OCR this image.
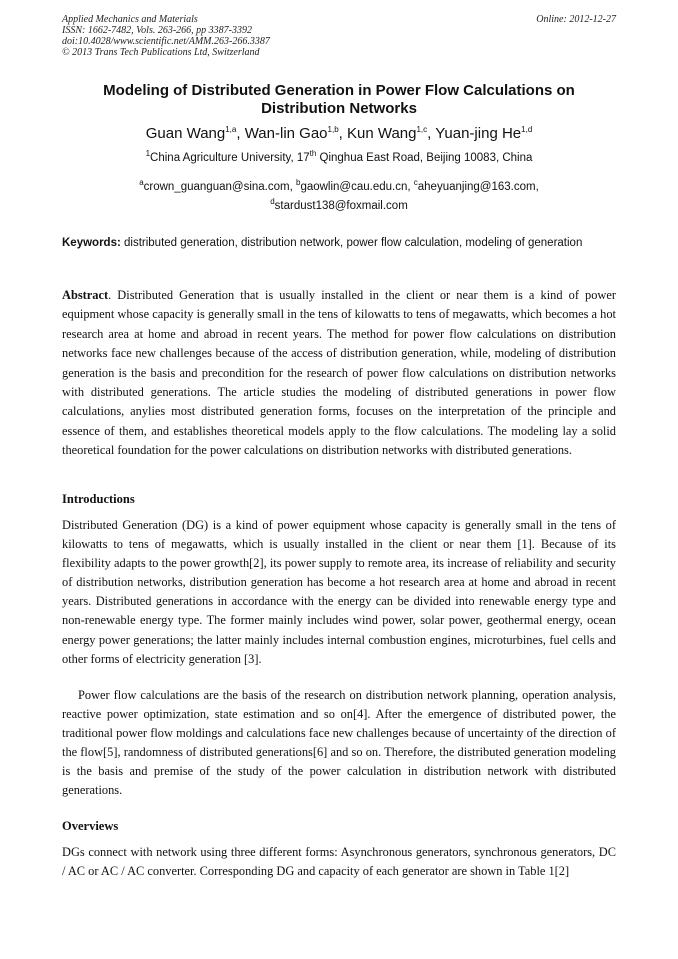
Applied Mechanics and Materials	Online: 2012-12-27
ISSN: 1662-7482, Vols. 263-266, pp 3387-3392
doi:10.4028/www.scientific.net/AMM.263-266.3387
© 2013 Trans Tech Publications Ltd, Switzerland
Modeling of Distributed Generation in Power Flow Calculations on Distribution Networks
Guan Wang$^{1,a}$, Wan-lin Gao$^{1,b}$, Kun Wang$^{1,c}$, Yuan-jing He$^{1,d}$
$^1$China Agriculture University, 17th Qinghua East Road, Beijing 10083, China
$^a$crown_guanguan@sina.com, $^b$gaowlin@cau.edu.cn, $^c$aheyuanjing@163.com,
$^d$stardust138@foxmail.com
Keywords: distributed generation, distribution network, power flow calculation, modeling of generation
Abstract. Distributed Generation that is usually installed in the client or near them is a kind of power equipment whose capacity is generally small in the tens of kilowatts to tens of megawatts, which becomes a hot research area at home and abroad in recent years. The method for power flow calculations on distribution networks face new challenges because of the access of distribution generation, while, modeling of distribution generation is the basis and precondition for the research of power flow calculations on distribution networks with distributed generations. The article studies the modeling of distributed generations in power flow calculations, anylies most distributed generation forms, focuses on the interpretation of the principle and essence of them, and establishes theoretical models apply to the flow calculations. The modeling lay a solid theoretical foundation for the power calculations on distribution networks with distributed generations.
Introductions

Distributed Generation (DG) is a kind of power equipment whose capacity is generally small in the tens of kilowatts to tens of megawatts, which is usually installed in the client or near them [1]. Because of its flexibility adapts to the power growth[2], its power supply to remote area, its increase of reliability and security of distribution networks, distribution generation has become a hot research area at home and abroad in recent years. Distributed generations in accordance with the energy can be divided into renewable energy type and non-renewable energy type. The former mainly includes wind power, solar power, geothermal energy, ocean energy power generations; the latter mainly includes internal combustion engines, microturbines, fuel cells and other forms of electricity generation [3].

Power flow calculations are the basis of the research on distribution network planning, operation analysis, reactive power optimization, state estimation and so on[4]. After the emergence of distributed power, the traditional power flow moldings and calculations face new challenges because of uncertainty of the direction of the flow[5], randomness of distributed generations[6] and so on. Therefore, the distributed generation modeling is the basis and premise of the study of the power calculation in distribution network with distributed generations.

Overviews

DGs connect with network using three different forms: Asynchronous generators, synchronous generators, DC / AC or AC / AC converter. Corresponding DG and capacity of each generator are shown in Table 1[2]
